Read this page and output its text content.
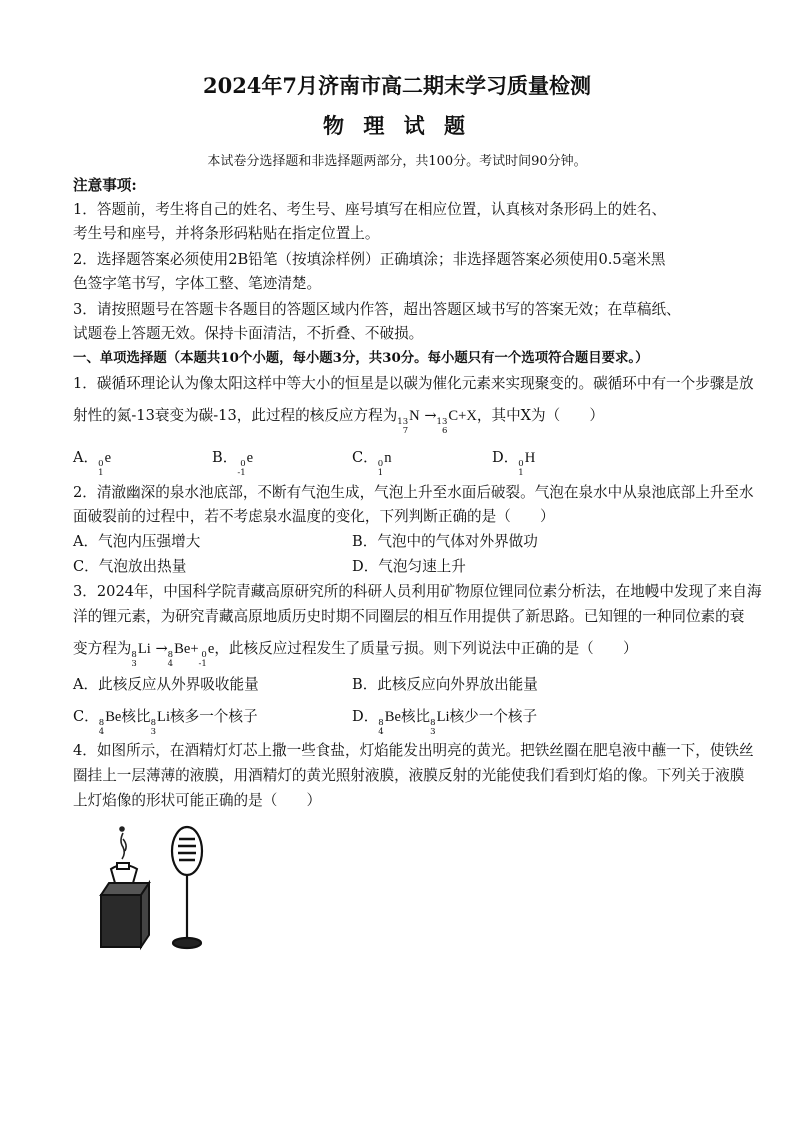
2024年7月济南市高二期末学习质量检测
物 理 试 题
本试卷分选择题和非选择题两部分，共100分。考试时间90分钟。
注意事项:
1．答题前，考生将自己的姓名、考生号、座号填写在相应位置，认真核对条形码上的姓名、
考生号和座号，并将条形码粘贴在指定位置上。
2．选择题答案必须使用2B铅笔（按填涂样例）正确填涂；非选择题答案必须使用0.5毫米黑
色签字笔书写，字体工整、笔迹清楚。
3．请按照题号在答题卡各题目的答题区域内作答，超出答题区域书写的答案无效；在草稿纸、
试题卷上答题无效。保持卡面清洁，不折叠、不破损。
一、单项选择题（本题共10个小题，每小题3分，共30分。每小题只有一个选项符合题目要求。）
1．碳循环理论认为像太阳这样中等大小的恒星是以碳为催化元素来实现聚变的。碳循环中有一个步骤是放
射性的氮-13衰变为碳-13，此过程的核反应方程为 13
7
N → 13
6
C+X，其中X为（　　）
A． 0
1
e	B． 0
-1
e	C． 0
1
n	D． 0
1
H
2．清澈幽深的泉水池底部，不断有气泡生成，气泡上升至水面后破裂。气泡在泉水中从泉池底部上升至水
面破裂前的过程中，若不考虑泉水温度的变化，下列判断正确的是（　　）
A．气泡内压强增大	B．气泡中的气体对外界做功
C．气泡放出热量	D．气泡匀速上升
3．2024年，中国科学院青藏高原研究所的科研人员利用矿物原位锂同位素分析法，在地幔中发现了来自海
洋的锂元素，为研究青藏高原地质历史时期不同圈层的相互作用提供了新思路。已知锂的一种同位素的衰
变方程为 8
3
Li → 8
4
Be+ 0
-1
e，此核反应过程发生了质量亏损。则下列说法中正确的是（　　）
A．此核反应从外界吸收能量	B．此核反应向外界放出能量
C． 8
4
Be核比 8
3
Li核多一个核子	D． 8
4
Be核比 8
3
Li核少一个核子
4．如图所示，在酒精灯灯芯上撒一些食盐，灯焰能发出明亮的黄光。把铁丝圈在肥皂液中蘸一下，使铁丝
圈挂上一层薄薄的液膜，用酒精灯的黄光照射液膜，液膜反射的光能使我们看到灯焰的像。下列关于液膜
上灯焰像的形状可能正确的是（　　）
